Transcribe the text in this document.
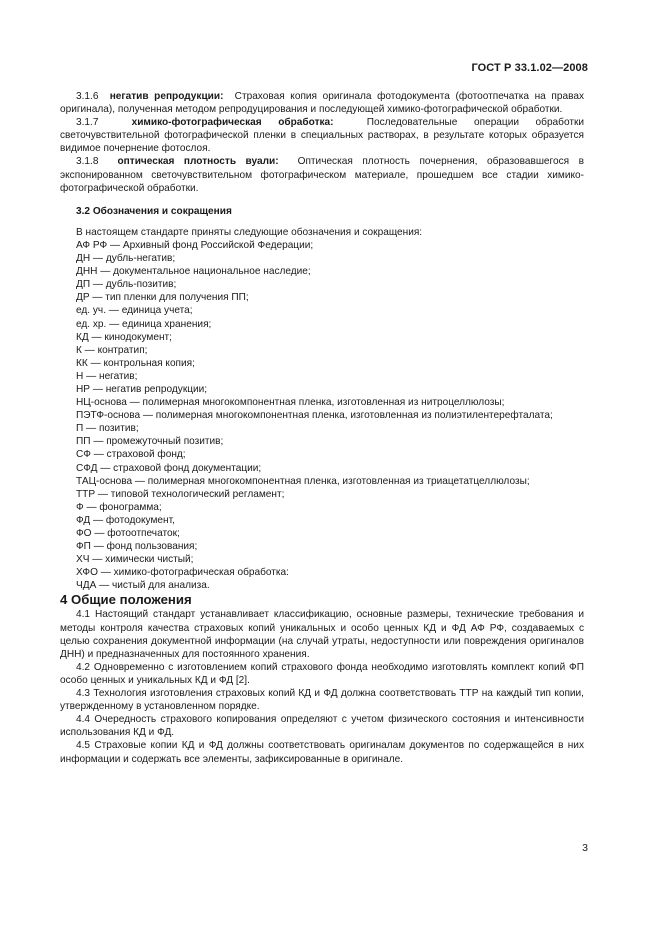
ГОСТ Р 33.1.02—2008

3.1.6 негатив репродукции: Страховая копия оригинала фотодокумента (фотоотпечатка на правах оригинала), полученная методом репродуцирования и последующей химико-фотографической обработки.

3.1.7	химико-фотографическая обработка:	Последовательные операции обработки светочувствительной фотографической пленки в специальных растворах, в результате которых образуется видимое почернение фотослоя.

3.1.8 оптическая плотность вуали: Оптическая плотность почернения, образовавшегося в экспонированном светочувствительном фотографическом материале, прошедшем все стадии химико-фотографической обработки.

3.2 Обозначения и сокращения

В настоящем стандарте приняты следующие обозначения и сокращения:

АФ РФ — Архивный фонд Российской Федерации;
ДН — дубль-негатив;
ДНН — документальное национальное наследие;
ДП — дубль-позитив;
ДР — тип пленки для получения ПП;
ед. уч. — единица учета;
ед. хр. — единица хранения;
КД — кинодокумент;
К — контратип;
КК — контрольная копия;
Н — негатив;
НР — негатив репродукции;
НЦ-основа — полимерная многокомпонентная пленка, изготовленная из нитроцеллюлозы;
ПЭТФ-основа — полимерная многокомпонентная пленка, изготовленная из полиэтилентерефталата;
П — позитив;
ПП — промежуточный позитив;
СФ — страховой фонд;
СФД — страховой фонд документации;
ТАЦ-основа — полимерная многокомпонентная пленка, изготовленная из триацетатцеллюлозы;
ТТР — типовой технологический регламент;
Ф — фонограмма;
ФД — фотодокумент,
ФО — фотоотпечаток;
ФП — фонд пользования;
ХЧ — химически чистый;
ХФО — химико-фотографическая обработка:
ЧДА — чистый для анализа.

4 Общие положения

4.1 Настоящий стандарт устанавливает классификацию, основные размеры, технические требования и методы контроля качества страховых копий уникальных и особо ценных КД и ФД АФ РФ, создаваемых с целью сохранения документной информации (на случай утраты, недоступности или повреждения оригиналов ДНН) и предназначенных для постоянного хранения.

4.2 Одновременно с изготовлением копий страхового фонда необходимо изготовлять комплект копий ФП особо ценных и уникальных КД и ФД [2].

4.3 Технология изготовления страховых копий КД и ФД должна соответствовать ТТР на каждый тип копии, утвержденному в установленном порядке.

4.4 Очередность страхового копирования определяют с учетом физического состояния и интенсивности использования КД и ФД.

4.5 Страховые копии КД и ФД должны соответствовать оригиналам документов по содержащейся в них информации и содержать все элементы, зафиксированные в оригинале.

3
